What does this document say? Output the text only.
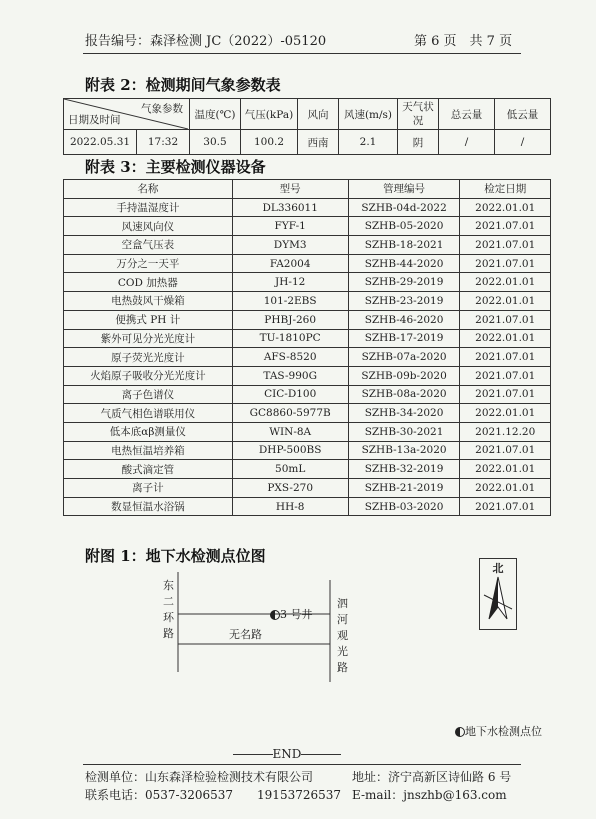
报告编号：森泽检测 JC（2022）-05120	第 6 页　共 7 页
附表 2：检测期间气象参数表
气象参数
日期及时间		温度(℃)	气压(kPa)	风向	风速(m/s)	天气状况	总云量	低云量
2022.05.31	17:32	30.5	100.2	西南	2.1	阴	/	/
附表 3：主要检测仪器设备
名称	型号	管理编号	检定日期
手持温湿度计	DL336011	SZHB-04d-2022	2022.01.01
风速风向仪	FYF-1	SZHB-05-2020	2021.07.01
空盒气压表	DYM3	SZHB-18-2021	2021.07.01
万分之一天平	FA2004	SZHB-44-2020	2021.07.01
COD 加热器	JH-12	SZHB-29-2019	2022.01.01
电热鼓风干燥箱	101-2EBS	SZHB-23-2019	2022.01.01
便携式 PH 计	PHBJ-260	SZHB-46-2020	2021.07.01
紫外可见分光光度计	TU-1810PC	SZHB-17-2019	2022.01.01
原子荧光光度计	AFS-8520	SZHB-07a-2020	2021.07.01
火焰原子吸收分光光度计	TAS-990G	SZHB-09b-2020	2021.07.01
离子色谱仪	CIC-D100	SZHB-08a-2020	2021.07.01
气质气相色谱联用仪	GC8860-5977B	SZHB-34-2020	2022.01.01
低本底αβ测量仪	WIN-8A	SZHB-30-2021	2021.12.20
电热恒温培养箱	DHP-500BS	SZHB-13a-2020	2021.07.01
酸式滴定管	50mL	SZHB-32-2019	2022.01.01
离子计	PXS-270	SZHB-21-2019	2022.01.01
数显恒温水浴锅	HH-8	SZHB-03-2020	2021.07.01
附图 1：地下水检测点位图
东二环路
泗河观光路
无名路
3 号井
北
地下水检测点位
END
检测单位：山东森泽检验检测技术有限公司	地址：济宁高新区诗仙路 6 号
联系电话：0537-3206537　　19153726537 E-mail：jnszhb@163.com
